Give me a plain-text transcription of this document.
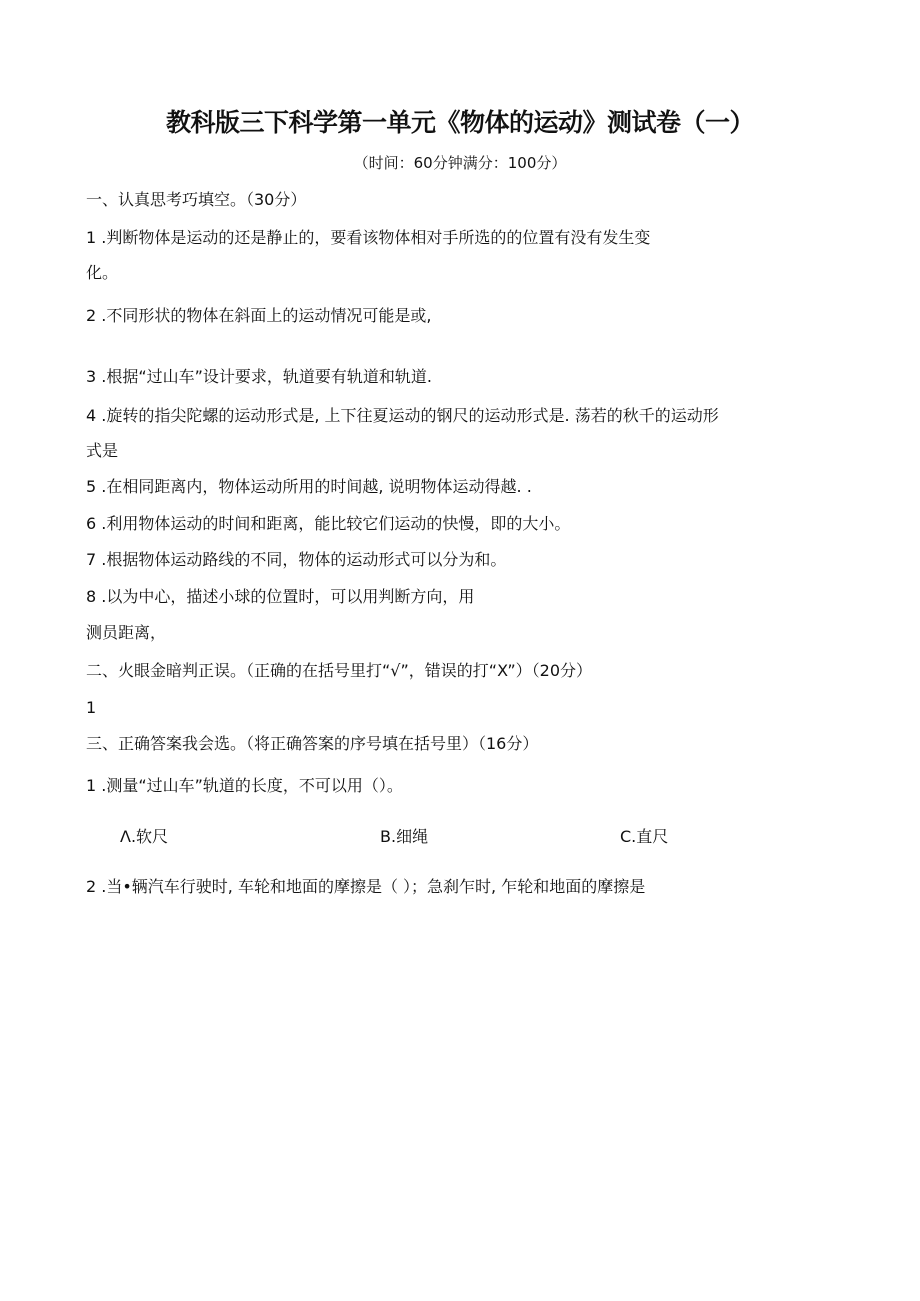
教科版三下科学第一单元《物体的运动》测试卷（一）
（时间：60分钟满分：100分）
一、认真思考巧填空。（30分）
1 .判断物体是运动的还是静止的，要看该物体相对手所选的的位置有没有发生变
化。
2 .不同形状的物体在斜面上的运动情况可能是或,
3 .根据“过山车”设计要求，轨道要有轨道和轨道.
4 .旋转的指尖陀螺的运动形式是, 上下往夏运动的钢尺的运动形式是. 荡若的秋千的运动形
式是
5 .在相同距离内，物体运动所用的时间越, 说明物体运动得越. .
6 .利用物体运动的时间和距离，能比较它们运动的快慢，即的大小。
7 .根据物体运动路线的不同，物体的运动形式可以分为和。
8 .以为中心，描述小球的位置时，可以用判断方向，用
测员距离，
二、火眼金暗判正误。（正确的在括号里打“√”，错误的打“X”）（20分）
1
三、正确答案我会选。（将正确答案的序号填在括号里）（16分）
1 .测量“过山车”轨道的长度，不可以用（）。
Λ.软尺	B.细绳	C.直尺
2 .当•辆汽车行驶时, 车轮和地面的摩擦是（ ）；急刹乍时, 乍轮和地面的摩擦是
